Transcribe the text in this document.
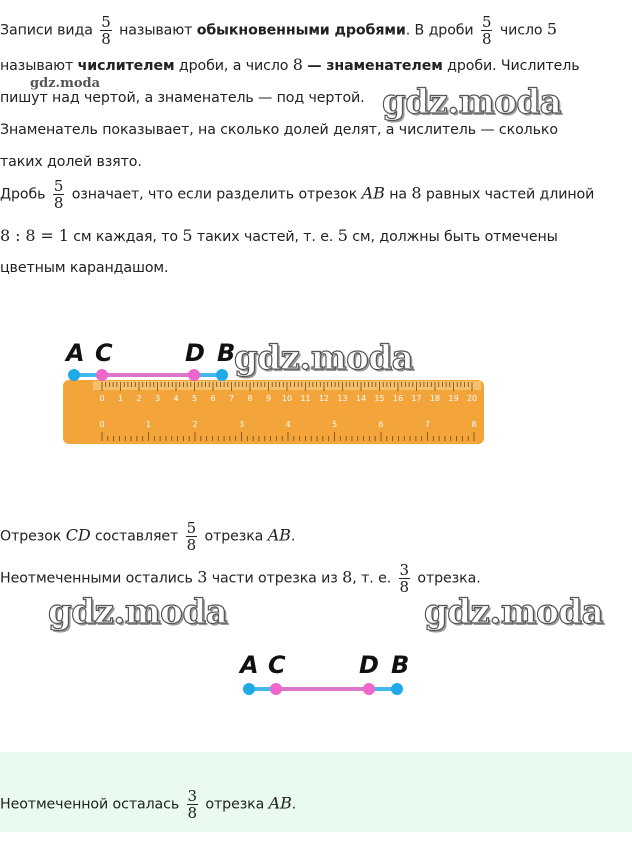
Записи вида $\frac{5}{8}$ называют обыкновенными дробями. В дроби $\frac{5}{8}$ число 5
называют числителем дроби, а число 8 — знаменателем дроби. Числитель
пишут над чертой, а знаменатель — под чертой.
Знаменатель показывает, на сколько долей делят, а числитель — сколько
таких долей взято.
Дробь $\frac{5}{8}$ означает, что если разделить отрезок AB на 8 равных частей длиной
8 : 8 = 1 см каждая, то 5 таких частей, т. е. 5 см, должны быть отмечены
цветным карандашом.
gdz.moda	gdz.moda
A C	D B
0 1 2 3 4 5 6 7 8 9 10 11 12 13 14 15 16 17 18 19 20
0	1	2	3	4	5	6	7	8
gdz.moda
Отрезок CD составляет $\frac{5}{8}$ отрезка AB.
Неотмеченными остались 3 части отрезка из 8, т. е. $\frac{3}{8}$ отрезка.
gdz.moda	gdz.moda
A C	D B
Неотмеченной осталась $\frac{3}{8}$ отрезка AB.
